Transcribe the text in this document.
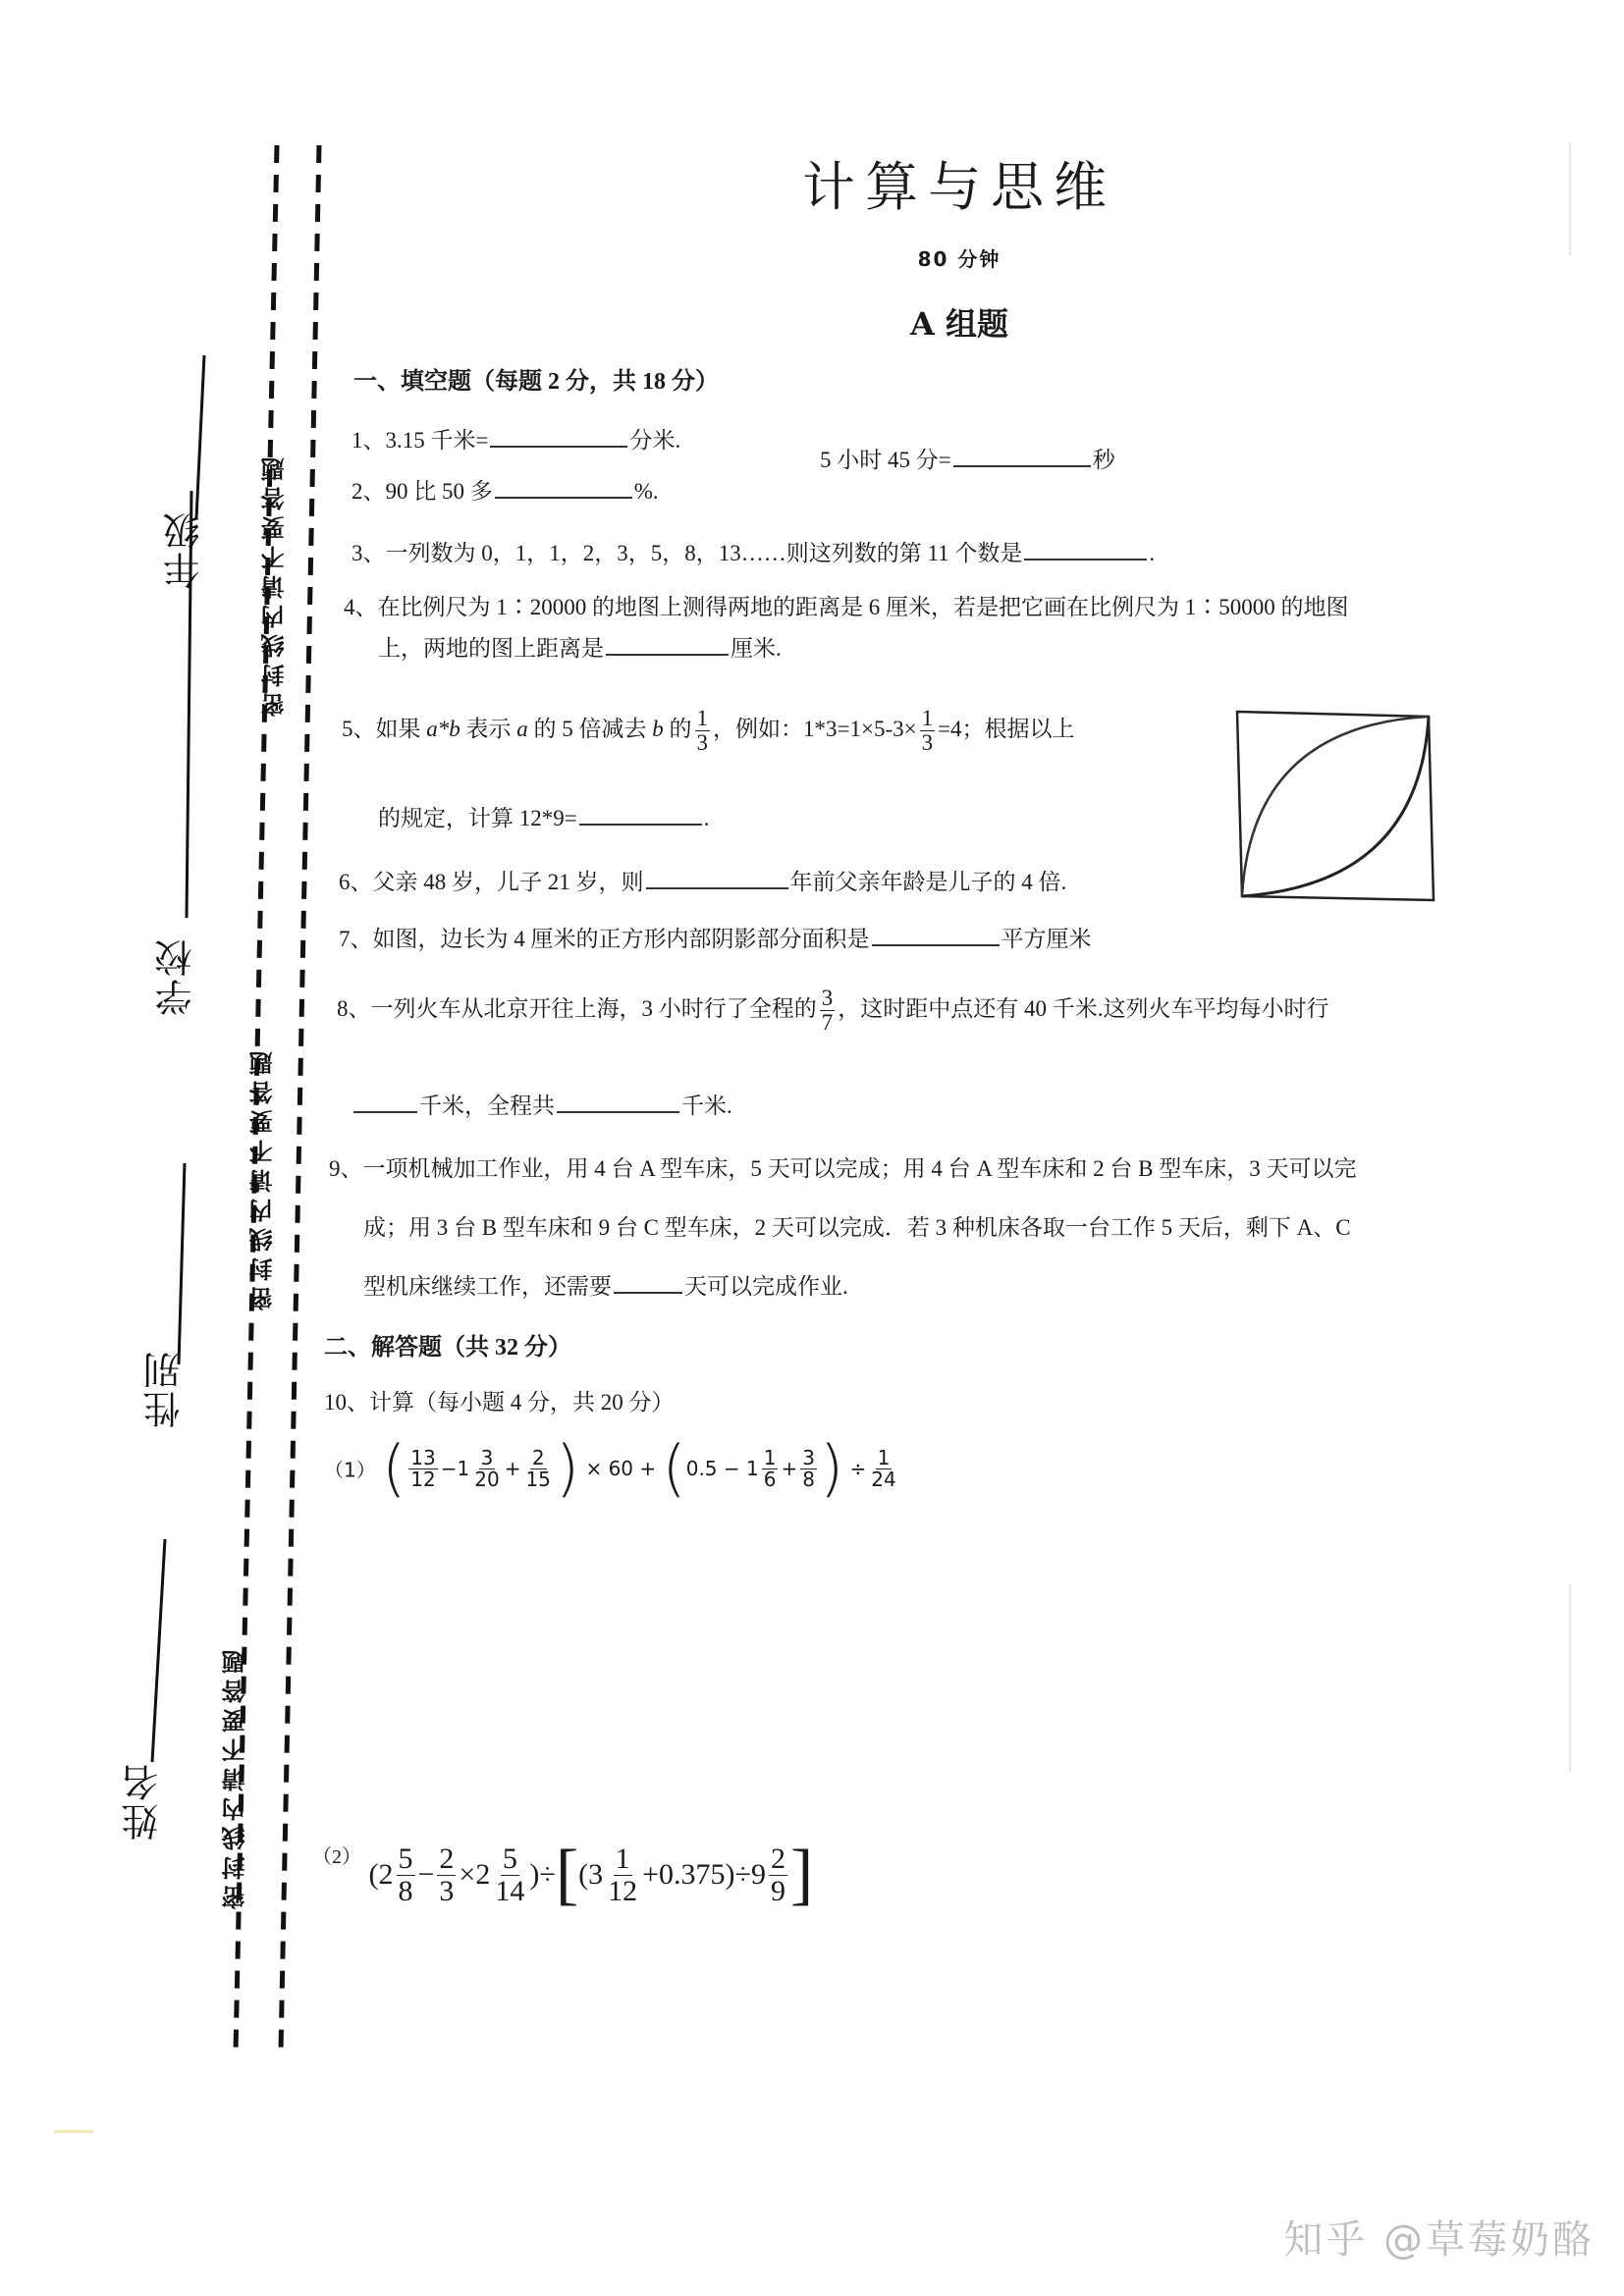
年级
学校
性别
姓名
密封线内请不要答题
密封线内请不要答题
密封线内请不要答题
计算与思维
80 分钟
A 组题
一、填空题（每题 2 分，共 18 分）
1、3.15 千米=	分米.
5 小时 45 分=	秒
2、90 比 50 多	%.
3、一列数为 0，1，1，2，3，5，8，13……则这列数的第 11 个数是	.
4、在比例尺为 1∶20000 的地图上测得两地的距离是 6 厘米，若是把它画在比例尺为 1∶50000 的地图
上，两地的图上距离是	厘米.
5、如果 a*b 表示 a 的 5 倍减去 b 的 $\frac{1}{3}$ ，例如：$1*3=1\times 5-3\times \frac{1}{3} =4$；根据以上
的规定，计算 12*9=	.
6、父亲 48 岁，儿子 21 岁，则	年前父亲年龄是儿子的 4 倍.
7、如图，边长为 4 厘米的正方形内部阴影部分面积是	平方厘米
8、一列火车从北京开往上海，3 小时行了全程的 $\frac{3}{7}$ ，这时距中点还有 40 千米.这列火车平均每小时行
千米，全程共	千米.
9、一项机械加工作业，用 4 台 A 型车床，5 天可以完成；用 4 台 A 型车床和 2 台 B 型车床，3 天可以完
成；用 3 台 B 型车床和 9 台 C 型车床，2 天可以完成．若 3 种机床各取一台工作 5 天后，剩下 A、C
型机床继续工作，还需要	天可以完成作业.
二、解答题（共 32 分）
10、计算（每小题 4 分，共 20 分）
（1） ( $\frac{13}{12} -1 \frac{3}{20} + \frac{2}{15}$ ) × $60 + (0.5 - 1 \frac{1}{6} + \frac{3}{8}$ ) ÷ $\frac{1}{24}$
$^{(2)}$ $(2 \frac{5}{8} - \frac{2}{3} \times 2 \frac{5}{14} )\div[(3 \frac{1}{12} +0.375)\div 9 \frac{2}{9}$ ]
知乎 @草莓奶酪
